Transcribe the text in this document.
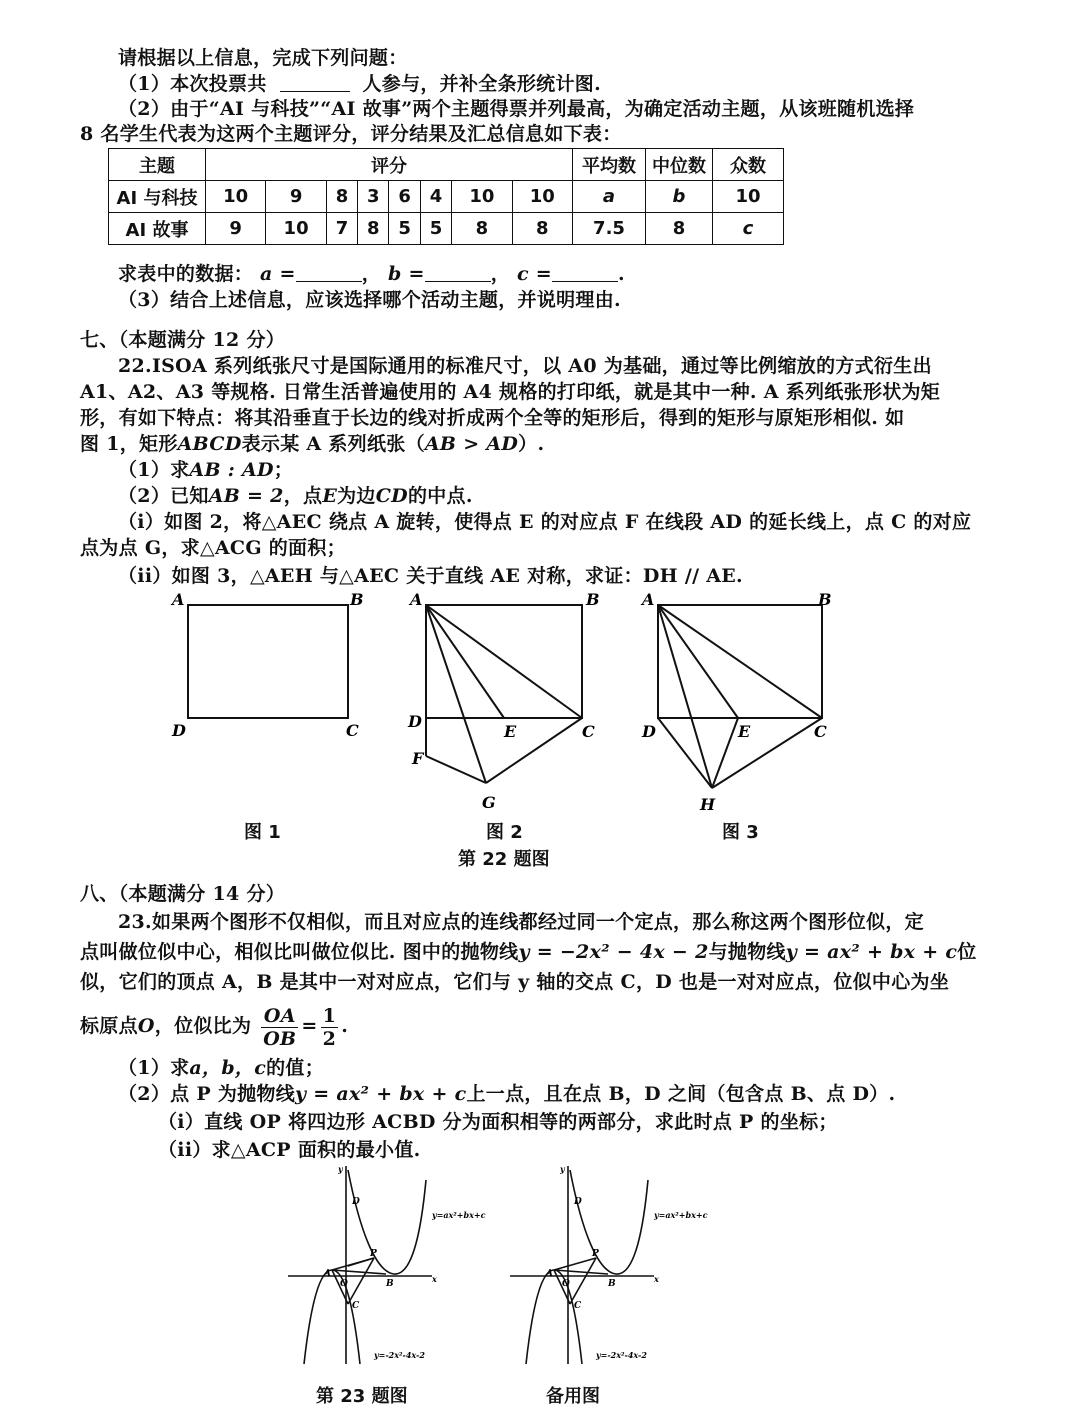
请根据以上信息，完成下列问题：
（1）本次投票共	人参与，并补全条形统计图.
（2）由于“AI 与科技”“AI 故事”两个主题得票并列最高，为确定活动主题，从该班随机选择
8 名学生代表为这两个主题评分，评分结果及汇总信息如下表：
主题	评分								平均数	中位数	众数
AI 与科技	10	9	8	3	6	4	10	10	a	b	10
AI 故事	9	10	7	8	5	5	8	8	7.5	8	c
求表中的数据： a =	， b =	， c =	.
（3）结合上述信息，应该选择哪个活动主题，并说明理由.
七、（本题满分 12 分）
22.ISOA 系列纸张尺寸是国际通用的标准尺寸，以 A0 为基础，通过等比例缩放的方式衍生出
A1、A2、A3 等规格. 日常生活普遍使用的 A4 规格的打印纸，就是其中一种. A 系列纸张形状为矩
形，有如下特点：将其沿垂直于长边的线对折成两个全等的矩形后，得到的矩形与原矩形相似. 如
图 1，矩形ABCD表示某 A 系列纸张（AB > AD）.
（1）求AB : AD；
（2）已知AB = 2，点E为边CD的中点.
（i）如图 2，将△AEC 绕点 A 旋转，使得点 E 的对应点 F 在线段 AD 的延长线上，点 C 的对应
点为点 G，求△ACG 的面积；
（ii）如图 3，△AEH 与△AEC 关于直线 AE 对称，求证：DH // AE.
A	B
C
D
图 1
A	B
C
D
E
F
G
图 2
第 22 题图
A	B
C
D	E
H
图 3
八、（本题满分 14 分）
23.如果两个图形不仅相似，而且对应点的连线都经过同一个定点，那么称这两个图形位似，定
点叫做位似中心，相似比叫做位似比. 图中的抛物线y = −2x² − 4x − 2与抛物线y = ax² + bx + c位
似，它们的顶点 A，B 是其中一对对应点，它们与 y 轴的交点 C，D 也是一对对应点，位似中心为坐
标原点O，位似比为 $\frac{OA}{OB} = \frac{1}{2}$ .
（1）求a，b，c的值；
（2）点 P 为抛物线y = ax² + bx + c上一点，且在点 B，D 之间（包含点 B、点 D）.
（i）直线 OP 将四边形 ACBD 分为面积相等的两部分，求此时点 P 的坐标；
（ii）求△ACP 面积的最小值.
y
x
A
B
C
D
O
P
y=ax²+bx+c
y=-2x²-4x-2
第 23 题图
y
x
A
B
C
D
O
P
y=ax²+bx+c
y=-2x²-4x-2
备用图
